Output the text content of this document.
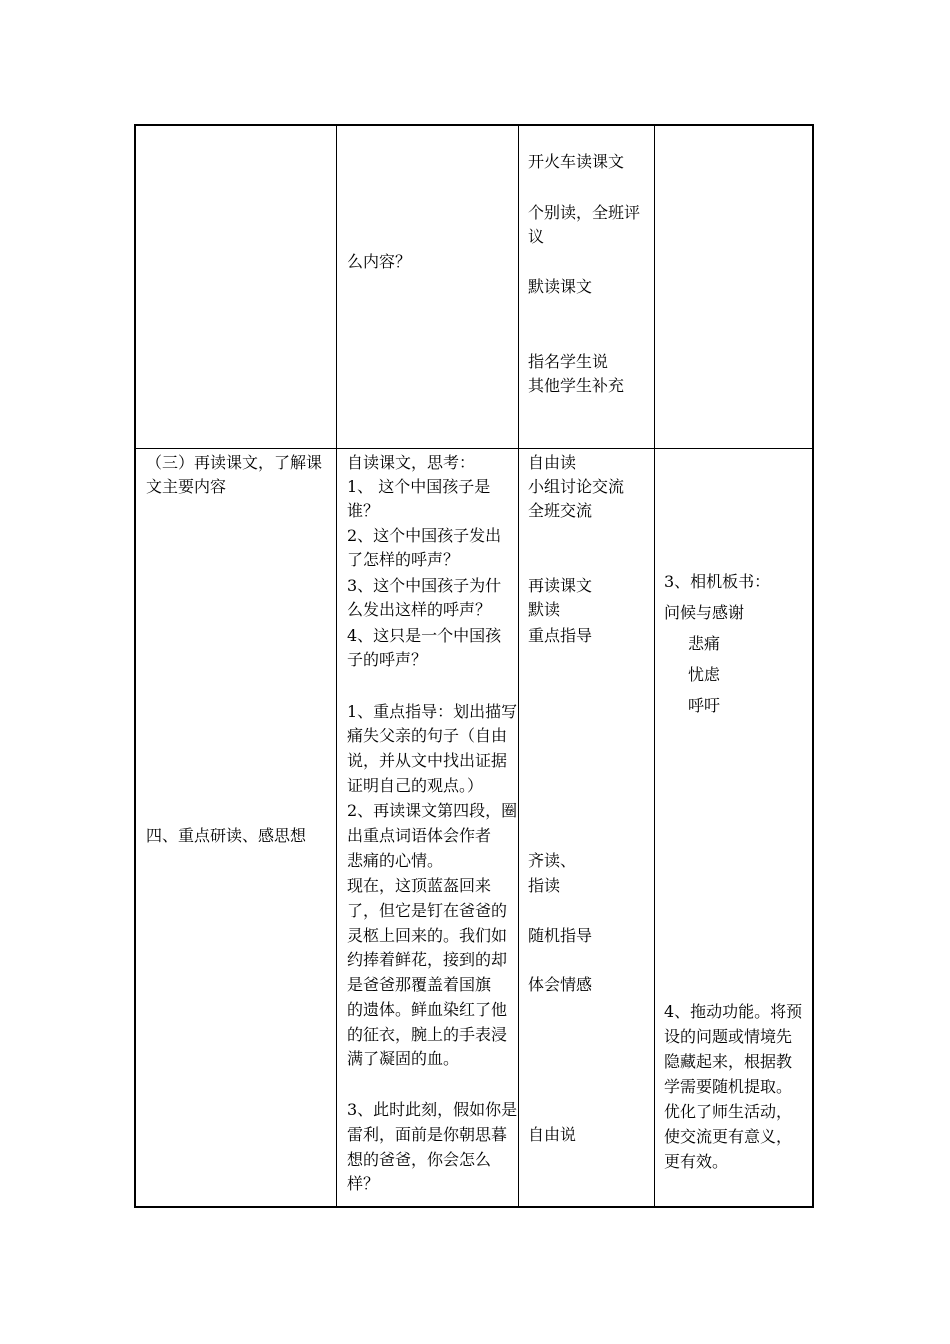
么内容？
开火车读课文
个别读，全班评
议
默读课文
指名学生说
其他学生补充
（三）再读课文，了解课
文主要内容
四、重点研读、感思想
自读课文，思考：
1、 这个中国孩子是
谁？
2、这个中国孩子发出
了怎样的呼声？
3、这个中国孩子为什
么发出这样的呼声？
4、这只是一个中国孩
子的呼声？
1、重点指导：划出描写
痛失父亲的句子（自由
说，并从文中找出证据
证明自己的观点。）
2、再读课文第四段，圈
出重点词语体会作者
悲痛的心情。
现在，这顶蓝盔回来
了，但它是钉在爸爸的
灵柩上回来的。我们如
约捧着鲜花，接到的却
是爸爸那覆盖着国旗
的遗体。鲜血染红了他
的征衣，腕上的手表浸
满了凝固的血。
3、此时此刻，假如你是
雷利，面前是你朝思暮
想的爸爸，你会怎么
样？
自由读
小组讨论交流
全班交流
再读课文
默读
重点指导
齐读、
指读
随机指导
体会情感
自由说
3、相机板书：
问候与感谢
悲痛
忧虑
呼吁
4、拖动功能。将预
设的问题或情境先
隐藏起来，根据教
学需要随机提取。
优化了师生活动，
使交流更有意义，
更有效。
